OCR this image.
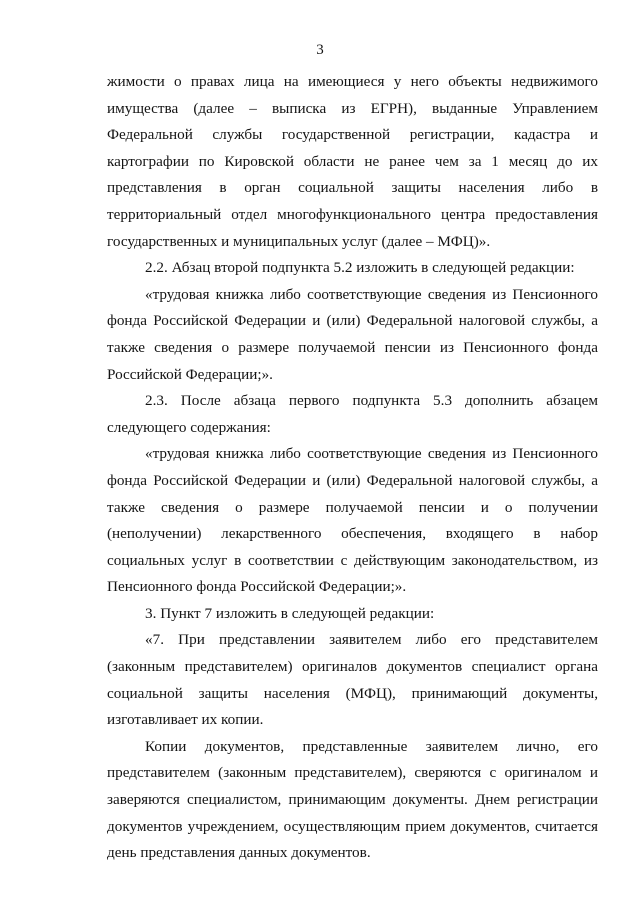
3

жимости о правах лица на имеющиеся у него объекты недвижимого имущества (далее – выписка из ЕГРН), выданные Управлением Федеральной службы государственной регистрации, кадастра и картографии по Кировской области не ранее чем за 1 месяц до их представления в орган социальной защиты населения либо в территориальный отдел многофункционального центра предоставления государственных и муниципальных услуг (далее – МФЦ)».

2.2. Абзац второй подпункта 5.2 изложить в следующей редакции:

«трудовая книжка либо соответствующие сведения из Пенсионного фонда Российской Федерации и (или) Федеральной налоговой службы, а также сведения о размере получаемой пенсии из Пенсионного фонда Российской Федерации;».

2.3. После абзаца первого подпункта 5.3 дополнить абзацем следующего содержания:

«трудовая книжка либо соответствующие сведения из Пенсионного фонда Российской Федерации и (или) Федеральной налоговой службы, а также сведения о размере получаемой пенсии и о получении (неполучении) лекарственного обеспечения, входящего в набор социальных услуг в соответствии с действующим законодательством, из Пенсионного фонда Российской Федерации;».

3. Пункт 7 изложить в следующей редакции:

«7. При представлении заявителем либо его представителем (законным представителем) оригиналов документов специалист органа социальной защиты населения (МФЦ), принимающий документы, изготавливает их копии.

Копии документов, представленные заявителем лично, его представителем (законным представителем), сверяются с оригиналом и заверяются специалистом, принимающим документы. Днем регистрации документов учреждением, осуществляющим прием документов, считается день представления данных документов.
